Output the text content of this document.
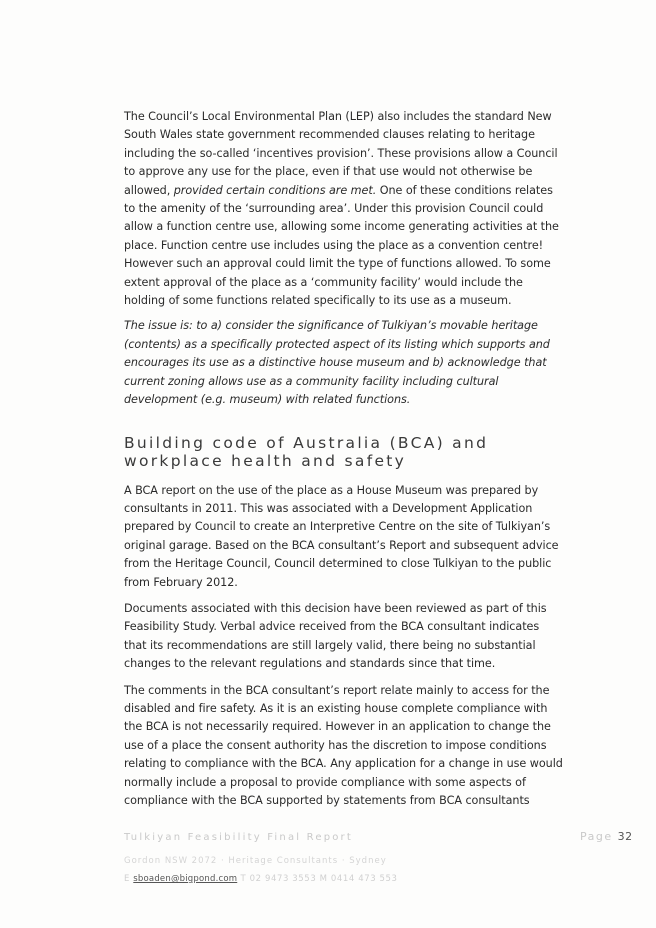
The Council’s Local Environmental Plan (LEP) also includes the standard New South Wales state government recommended clauses relating to heritage including the so-called ‘incentives provision’. These provisions allow a Council to approve any use for the place, even if that use would not otherwise be allowed, provided certain conditions are met. One of these conditions relates to the amenity of the ‘surrounding area’. Under this provision Council could allow a function centre use, allowing some income generating activities at the place. Function centre use includes using the place as a convention centre! However such an approval could limit the type of functions allowed. To some extent approval of the place as a ‘community facility’ would include the holding of some functions related specifically to its use as a museum.

The issue is: to a) consider the significance of Tulkiyan’s movable heritage (contents) as a specifically protected aspect of its listing which supports and encourages its use as a distinctive house museum and b) acknowledge that current zoning allows use as a community facility including cultural development (e.g. museum) with related functions.

Building code of Australia (BCA) and workplace health and safety

A BCA report on the use of the place as a House Museum was prepared by consultants in 2011. This was associated with a Development Application prepared by Council to create an Interpretive Centre on the site of Tulkiyan’s original garage. Based on the BCA consultant’s Report and subsequent advice from the Heritage Council, Council determined to close Tulkiyan to the public from February 2012.

Documents associated with this decision have been reviewed as part of this Feasibility Study. Verbal advice received from the BCA consultant indicates that its recommendations are still largely valid, there being no substantial changes to the relevant regulations and standards since that time.

The comments in the BCA consultant’s report relate mainly to access for the disabled and fire safety. As it is an existing house complete compliance with the BCA is not necessarily required. However in an application to change the use of a place the consent authority has the discretion to impose conditions relating to compliance with the BCA. Any application for a change in use would normally include a proposal to provide compliance with some aspects of compliance with the BCA supported by statements from BCA consultants

Tulkiyan Feasibility Final Report	Page 32
Gordon NSW 2072 · Heritage Consultants · Sydney
E sboaden@bigpond.com T 02 9473 3553 M 0414 473 553
